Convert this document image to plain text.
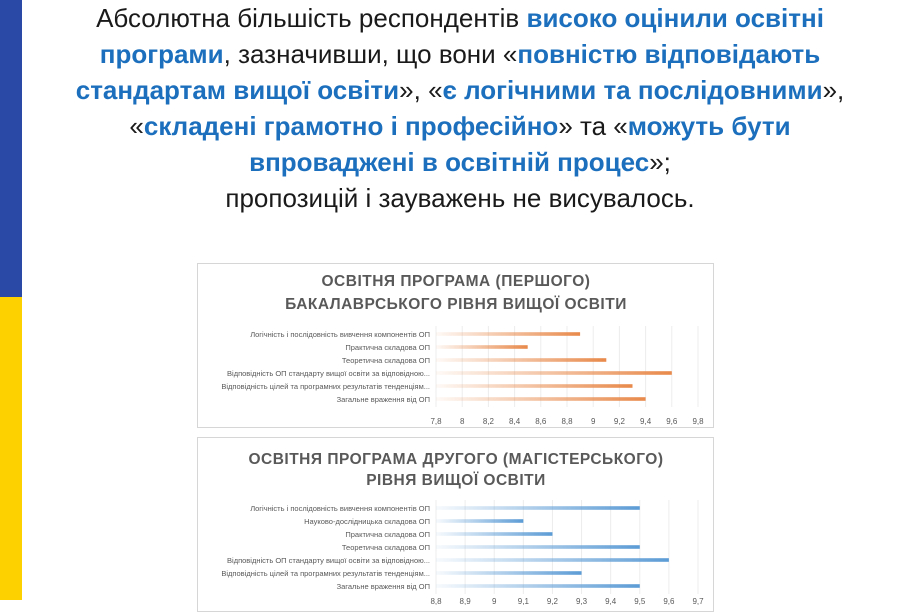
Абсолютна більшість респондентів високо оцінили освітні програми, зазначивши, що вони «повністю відповідають стандартам вищої освіти», «є логічними та послідовними», «складені грамотно і професійно» та «можуть бути впроваджені в освітній процес»;
пропозицій і зауважень не висувалось.
ОСВІТНЯ ПРОГРАМА (ПЕРШОГО)
БАКАЛАВРСЬКОГО РІВНЯ ВИЩОЇ ОСВІТИ
7,8 8 8,2 8,4 8,6 8,8 9 9,2 9,4 9,6 9,8
Логічність і послідовність вивчення компонентів ОП
Практична складова ОП
Теоретична складова ОП
Відповідність ОП стандарту вищої освіти за відповідною...
Відповідність цілей та програмних результатів тенденціям...
Загальне враження від ОП
ОСВІТНЯ ПРОГРАМА ДРУГОГО (МАГІСТЕРСЬКОГО)
РІВНЯ ВИЩОЇ ОСВІТИ
8,8 8,9	9	9,1 9,2 9,3 9,4 9,5 9,6 9,7
Логічність і послідовність вивчення компонентів ОП
Науково-дослідницька складова ОП
Практична складова ОП
Теоретична складова ОП
Відповідність ОП стандарту вищої освіти за відповідною...
Відповідність цілей та програмних результатів тенденціям...
Загальне враження від ОП
